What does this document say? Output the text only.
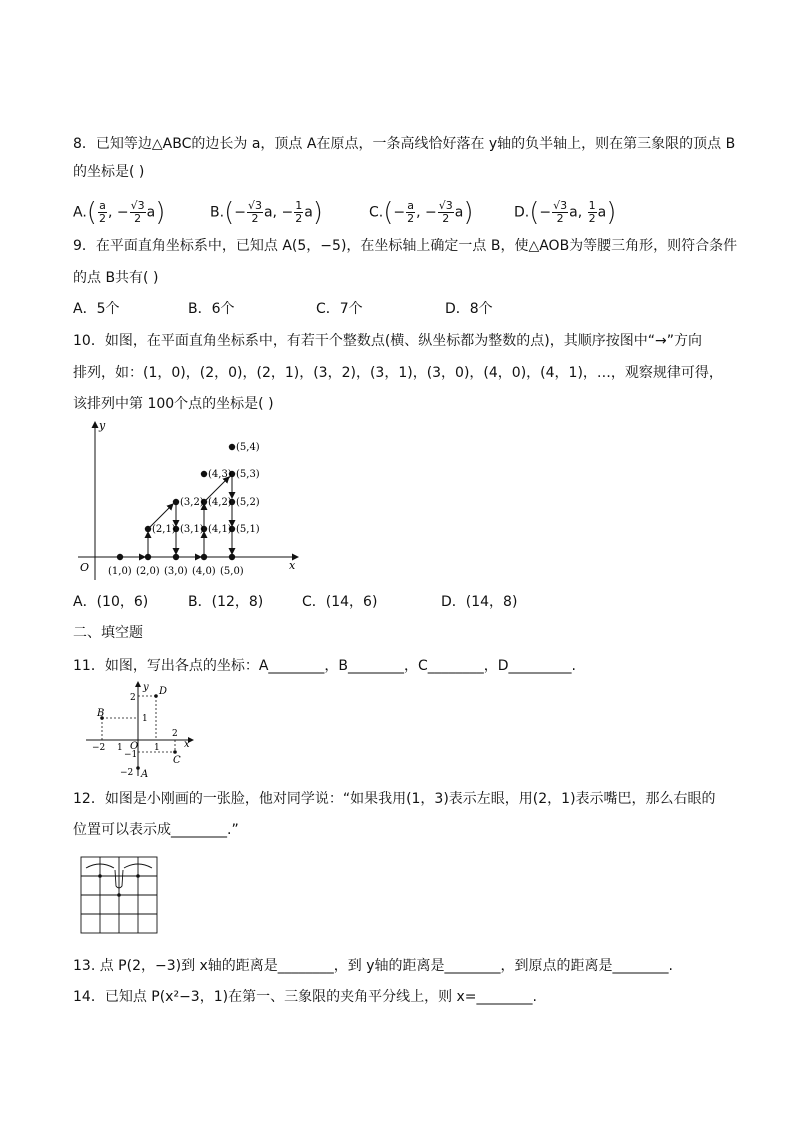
8．已知等边△ABC的边长为 a，顶点 A在原点，一条高线恰好落在 y轴的负半轴上，则在第三象限的顶点 B
的坐标是( )
$A.( \frac{a}{2}$ , − $\frac{√3}{2} a$)	$B.(- \frac{√3}{2} a$, − $\frac{1}{2} a$)	$C.(- \frac{a}{2}$ , − $\frac{√3}{2} a$)	$D.(- \frac{√3}{2} a$, $\frac{1}{2} a$)
9．在平面直角坐标系中，已知点 A(5，−5)，在坐标轴上确定一点 B，使△AOB为等腰三角形，则符合条件
的点 B共有( )
A．5个	B．6个	C．7个	D．8个
10．如图，在平面直角坐标系中，有若干个整数点(横、纵坐标都为整数的点)，其顺序按图中“→”方向
排列，如：(1，0)，(2，0)，(2，1)，(3，2)，(3，1)，(3，0)，(4，0)，(4，1)，…，观察规律可得，
该排列中第 100个点的坐标是( )
x
y
O (1,0) (2,0) (3,0) (4,0) (5,0)
(2,1) (3,1)
(3,2)
(4,1)
(4,2)
(4,3)
(5,1)
(5,2)
(5,3)
(5,4)
A．(10，6)	B．(12，8)	C．(14，6)	D．(14，8)
二、填空题
11．如图，写出各点的坐标：A________，B________，C________，D_________.
x
y
O
−2 1	1
2
2
1
−1
−2
B
D
C
A
12．如图是小刚画的一张脸，他对同学说：“如果我用(1，3)表示左眼，用(2，1)表示嘴巴，那么右眼的
位置可以表示成________.”
13. 点 P(2，−3)到 x轴的距离是________，到 y轴的距离是________，到原点的距离是________.
14．已知点 P(x²−3，1)在第一、三象限的夹角平分线上，则 x=________.
